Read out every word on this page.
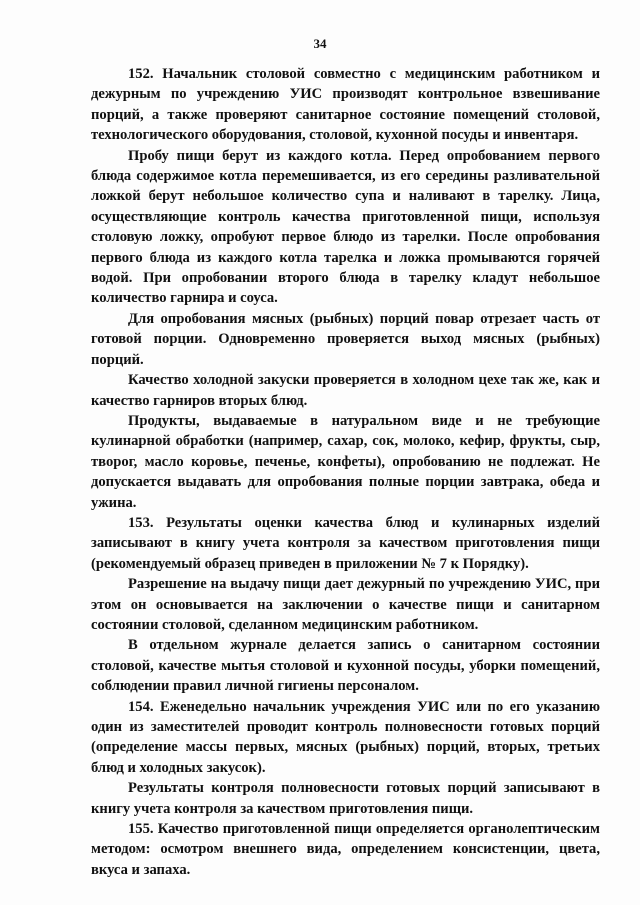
34

152. Начальник столовой совместно с медицинским работником и дежурным по учреждению УИС производят контрольное взвешивание порций, а также проверяют санитарное состояние помещений столовой, технологического оборудования, столовой, кухонной посуды и инвентаря.

Пробу пищи берут из каждого котла. Перед опробованием первого блюда содержимое котла перемешивается, из его середины разливательной ложкой берут небольшое количество супа и наливают в тарелку. Лица, осуществляющие контроль качества приготовленной пищи, используя столовую ложку, опробуют первое блюдо из тарелки. После опробования первого блюда из каждого котла тарелка и ложка промываются горячей водой. При опробовании второго блюда в тарелку кладут небольшое количество гарнира и соуса.

Для опробования мясных (рыбных) порций повар отрезает часть от готовой порции. Одновременно проверяется выход мясных (рыбных) порций.

Качество холодной закуски проверяется в холодном цехе так же, как и качество гарниров вторых блюд.

Продукты, выдаваемые в натуральном виде и не требующие кулинарной обработки (например, сахар, сок, молоко, кефир, фрукты, сыр, творог, масло коровье, печенье, конфеты), опробованию не подлежат. Не допускается выдавать для опробования полные порции завтрака, обеда и ужина.

153. Результаты оценки качества блюд и кулинарных изделий записывают в книгу учета контроля за качеством приготовления пищи (рекомендуемый образец приведен в приложении № 7 к Порядку).

Разрешение на выдачу пищи дает дежурный по учреждению УИС, при этом он основывается на заключении о качестве пищи и санитарном состоянии столовой, сделанном медицинским работником.

В отдельном журнале делается запись о санитарном состоянии столовой, качестве мытья столовой и кухонной посуды, уборки помещений, соблюдении правил личной гигиены персоналом.

154. Еженедельно начальник учреждения УИС или по его указанию один из заместителей проводит контроль полновесности готовых порций (определение массы первых, мясных (рыбных) порций, вторых, третьих блюд и холодных закусок).

Результаты контроля полновесности готовых порций записывают в книгу учета контроля за качеством приготовления пищи.

155. Качество приготовленной пищи определяется органолептическим методом: осмотром внешнего вида, определением консистенции, цвета, вкуса и запаха.
